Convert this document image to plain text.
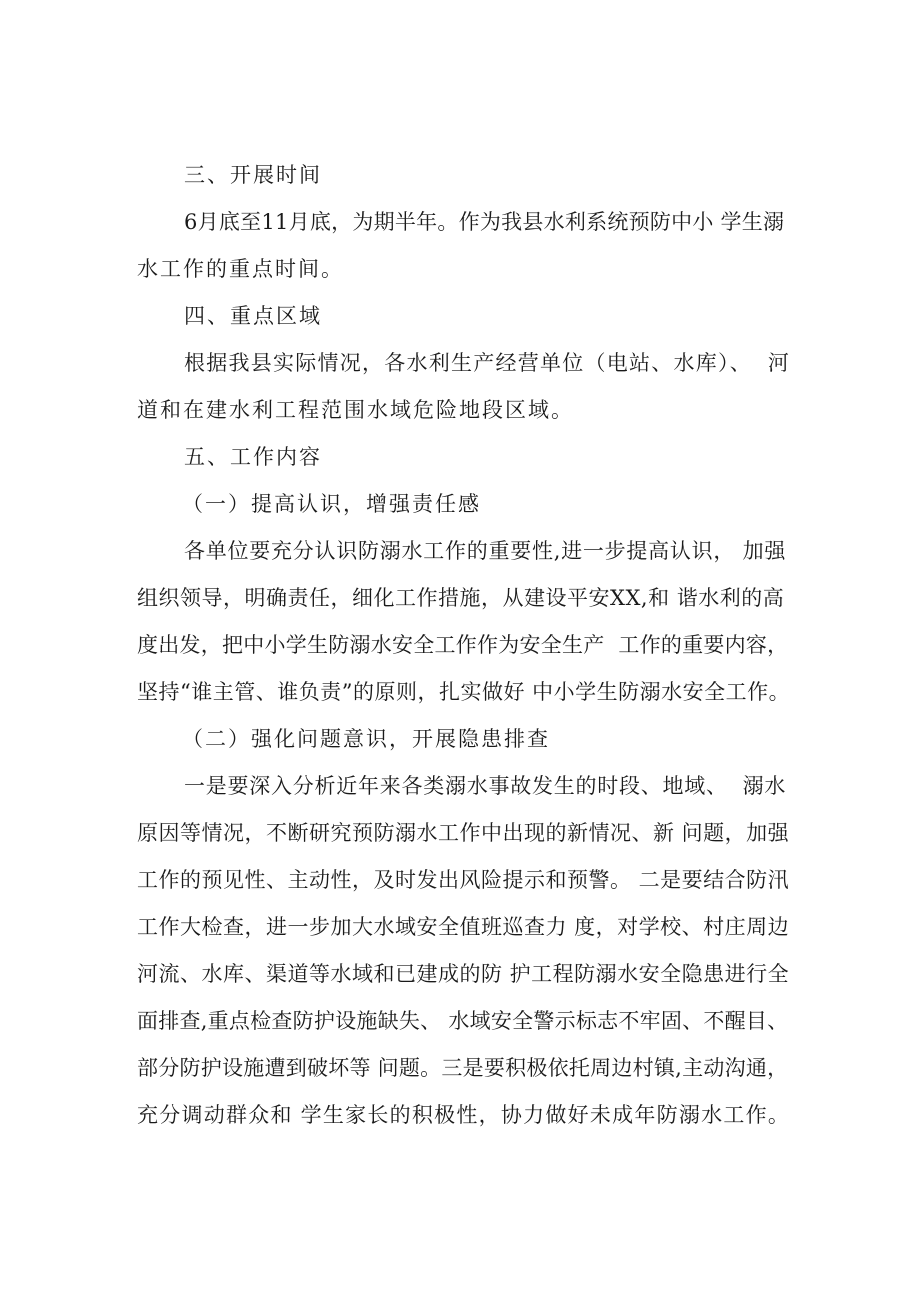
三、开展时间
6月底至11月底，为期半年。作为我县水利系统预防中小 学生溺
水工作的重点时间。
四、重点区域
根据我县实际情况，各水利生产经营单位（电站、水库）、  河
道和在建水利工程范围水域危险地段区域。
五、工作内容
（一）提高认识，增强责任感
各单位要充分认识防溺水工作的重要性,进一步提高认识， 加强
组织领导，明确责任，细化工作措施，从建设平安XX,和 谐水利的高
度出发，把中小学生防溺水安全工作作为安全生产  工作的重要内容，
坚持“谁主管、谁负责”的原则，扎实做好 中小学生防溺水安全工作。
（二）强化问题意识，开展隐患排查
一是要深入分析近年来各类溺水事故发生的时段、地域、  溺水
原因等情况，不断研究预防溺水工作中出现的新情况、新 问题，加强
工作的预见性、主动性，及时发出风险提示和预警。 二是要结合防汛
工作大检查，进一步加大水域安全值班巡查力 度，对学校、村庄周边
河流、水库、渠道等水域和已建成的防 护工程防溺水安全隐患进行全
面排查,重点检查防护设施缺失、 水域安全警示标志不牢固、不醒目、
部分防护设施遭到破坏等 问题。三是要积极依托周边村镇,主动沟通，
充分调动群众和 学生家长的积极性，协力做好未成年防溺水工作。
